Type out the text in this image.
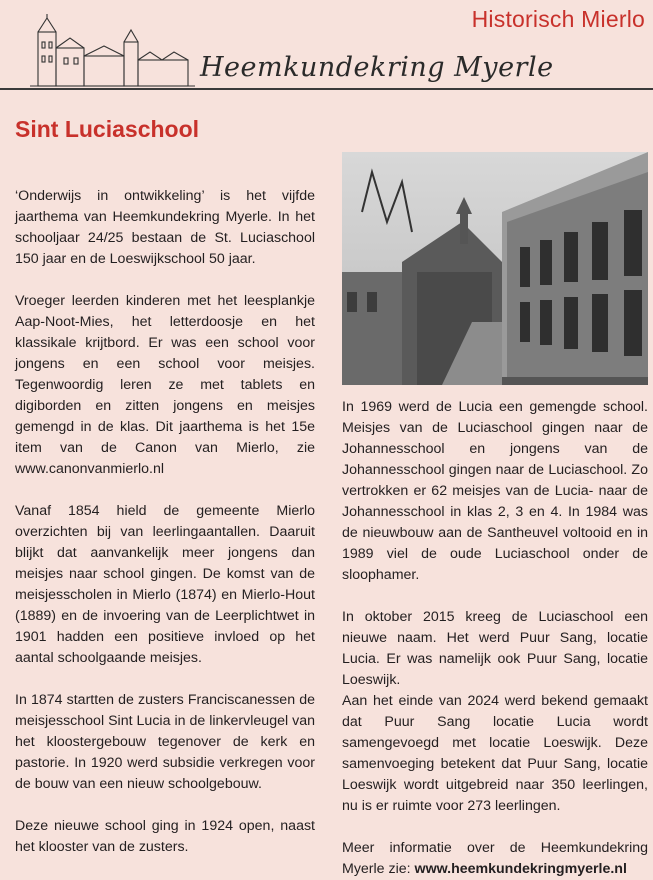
Historisch Mierlo
Heemkundekring Myerle
Sint Luciaschool

‘Onderwijs in ontwikkeling’ is het vijfde jaarthema van Heemkundekring Myerle. In het schooljaar 24/25 bestaan de St. Luciaschool 150 jaar en de Loeswijkschool 50 jaar.

Vroeger leerden kinderen met het leesplankje Aap-Noot-Mies, het letterdoosje en het klassikale krijtbord. Er was een school voor jongens en een school voor meisjes. Tegenwoordig leren ze met tablets en digiborden en zitten jongens en meisjes gemengd in de klas. Dit jaarthema is het 15e item van de Canon van Mierlo, zie www.canonvanmierlo.nl

Vanaf 1854 hield de gemeente Mierlo overzichten bij van leerlingaantallen. Daaruit blijkt dat aanvankelijk meer jongens dan meisjes naar school gingen. De komst van de meisjesscholen in Mierlo (1874) en Mierlo-Hout (1889) en de invoering van de Leerplichtwet in 1901 hadden een positieve invloed op het aantal schoolgaande meisjes.

In 1874 startten de zusters Franciscanessen de meisjesschool Sint Lucia in de linkervleugel van het kloostergebouw tegenover de kerk en pastorie. In 1920 werd subsidie verkregen voor de bouw van een nieuw schoolgebouw.

Deze nieuwe school ging in 1924 open, naast het klooster van de zusters.

In 1969 werd de Lucia een gemengde school. Meisjes van de Luciaschool gingen naar de Johannesschool en jongens van de Johannesschool gingen naar de Luciaschool. Zo vertrokken er 62 meisjes van de Lucia- naar de Johannesschool in klas 2, 3 en 4. In 1984 was de nieuwbouw aan de Santheuvel voltooid en in 1989 viel de oude Luciaschool onder de sloophamer.

In oktober 2015 kreeg de Luciaschool een nieuwe naam. Het werd Puur Sang, locatie Lucia. Er was namelijk ook Puur Sang, locatie Loeswijk.

Aan het einde van 2024 werd bekend gemaakt dat Puur Sang locatie Lucia wordt samengevoegd met locatie Loeswijk. Deze samenvoeging betekent dat Puur Sang, locatie Loeswijk wordt uitgebreid naar 350 leerlingen, nu is er ruimte voor 273 leerlingen.

Meer informatie over de Heemkundekring Myerle zie: www.heemkundekringmyerle.nl
